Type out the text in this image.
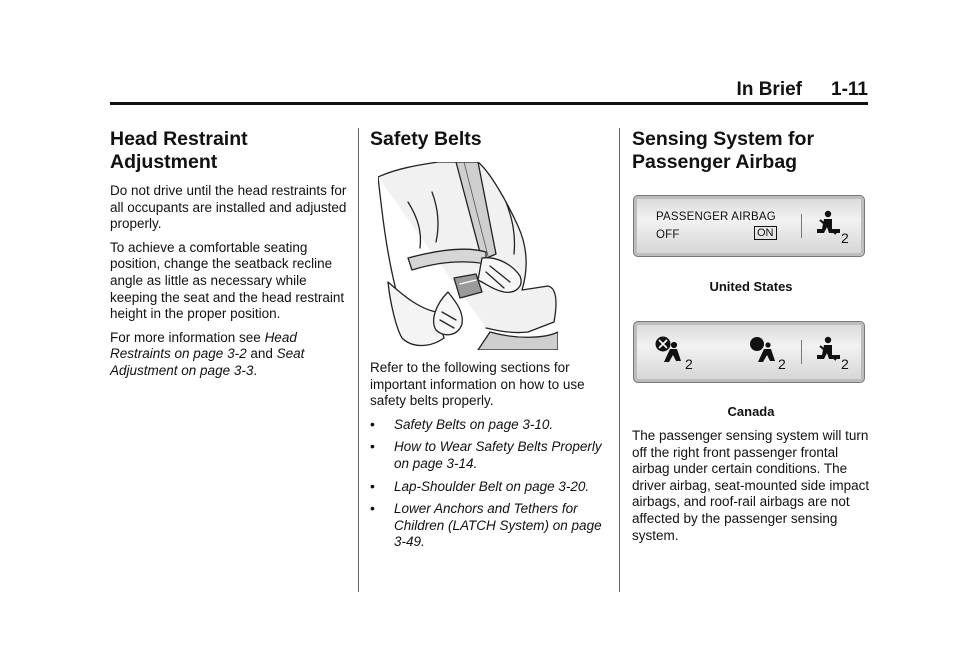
In Brief 1-11
Head Restraint
Adjustment

Do not drive until the head restraints for all occupants are installed and adjusted properly.

To achieve a comfortable seating position, change the seatback recline angle as little as necessary while keeping the seat and the head restraint height in the proper position.

For more information see Head Restraints on page 3-2 and Seat Adjustment on page 3-3.

Safety Belts

Refer to the following sections for important information on how to use safety belts properly.

• Safety Belts on page 3-10.
• How to Wear Safety Belts Properly on page 3-14.
• Lap-Shoulder Belt on page 3-20.
• Lower Anchors and Tethers for Children (LATCH System) on page 3-49.
Sensing System for
Passenger Airbag
PASSENGER AIRBAG
OFF	ON	2
United States
2	2	2
Canada

The passenger sensing system will turn off the right front passenger frontal airbag under certain conditions. The driver airbag, seat-mounted side impact airbags, and roof-rail airbags are not affected by the passenger sensing system.
